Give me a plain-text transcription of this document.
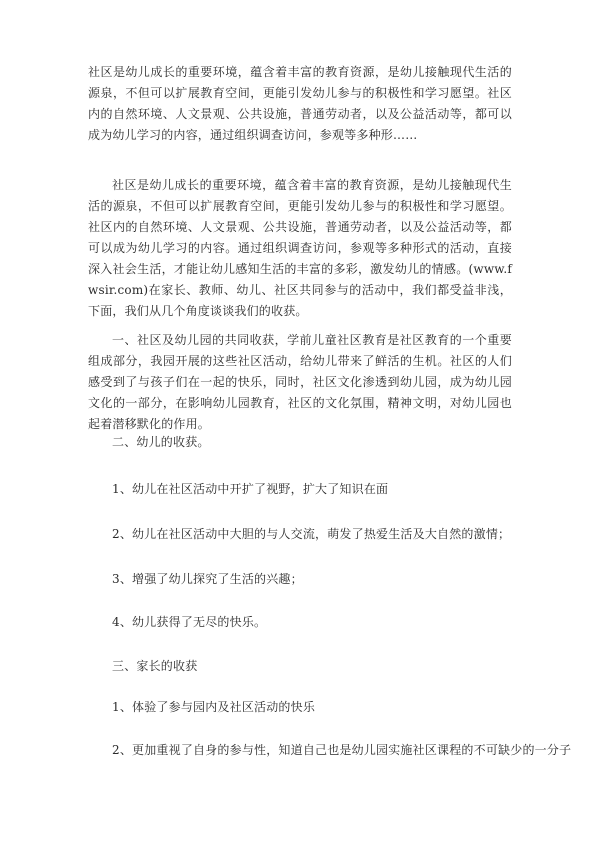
社区是幼儿成长的重要环境，蕴含着丰富的教育资源，是幼儿接触现代生活的源泉，不但可以扩展教育空间，更能引发幼儿参与的积极性和学习愿望。社区内的自然环境、人文景观、公共设施，普通劳动者，以及公益活动等，都可以成为幼儿学习的内容，通过组织调查访问，参观等多种形……

社区是幼儿成长的重要环境，蕴含着丰富的教育资源，是幼儿接触现代生活的源泉，不但可以扩展教育空间，更能引发幼儿参与的积极性和学习愿望。社区内的自然环境、人文景观、公共设施，普通劳动者，以及公益活动等，都可以成为幼儿学习的内容。通过组织调查访问，参观等多种形式的活动，直接深入社会生活，才能让幼儿感知生活的丰富的多彩，激发幼儿的情感。(www.fwsir.com)在家长、教师、幼儿、社区共同参与的活动中，我们都受益非浅，下面，我们从几个角度谈谈我们的收获。

一、社区及幼儿园的共同收获，学前儿童社区教育是社区教育的一个重要组成部分，我园开展的这些社区活动，给幼儿带来了鲜活的生机。社区的人们感受到了与孩子们在一起的快乐，同时，社区文化渗透到幼儿园，成为幼儿园文化的一部分，在影响幼儿园教育，社区的文化氛围，精神文明，对幼儿园也起着潜移默化的作用。

二、幼儿的收获。

1、幼儿在社区活动中开扩了视野，扩大了知识在面

2、幼儿在社区活动中大胆的与人交流，萌发了热爱生活及大自然的激情；

3、增强了幼儿探究了生活的兴趣；

4、幼儿获得了无尽的快乐。

三、家长的收获

1、体验了参与园内及社区活动的快乐

2、更加重视了自身的参与性，知道自己也是幼儿园实施社区课程的不可缺少的一分子
